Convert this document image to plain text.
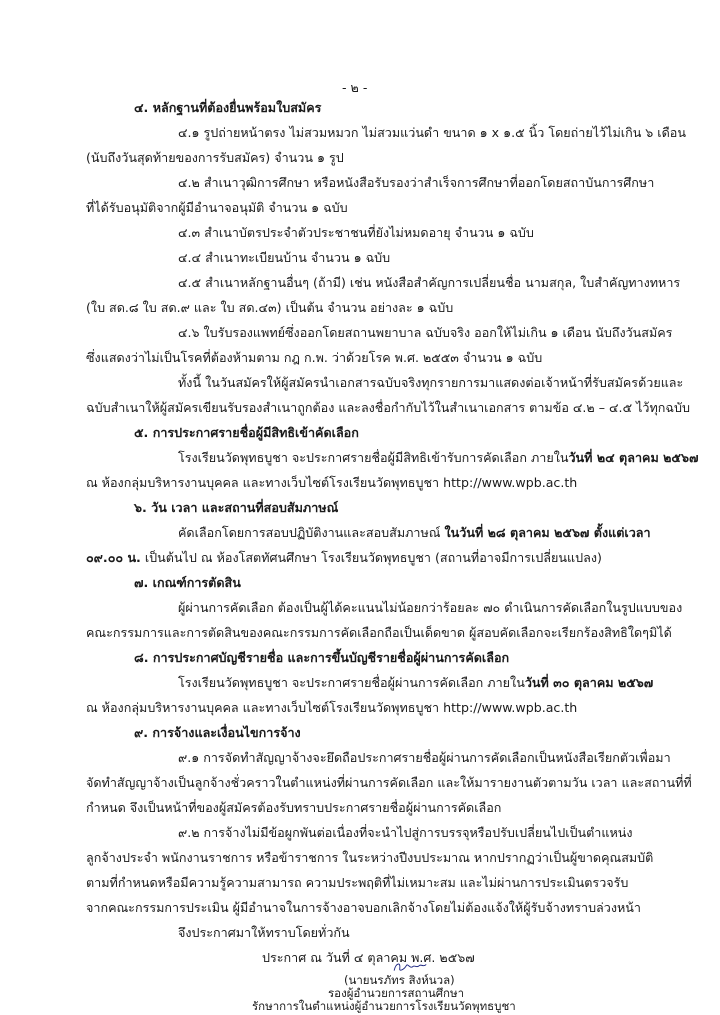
- ๒ -
๔. หลักฐานที่ต้องยื่นพร้อมใบสมัคร
๔.๑ รูปถ่ายหน้าตรง ไม่สวมหมวก ไม่สวมแว่นดำ ขนาด ๑ x ๑.๕ นิ้ว โดยถ่ายไว้ไม่เกิน ๖ เดือน
(นับถึงวันสุดท้ายของการรับสมัคร) จำนวน ๑ รูป
๔.๒ สำเนาวุฒิการศึกษา หรือหนังสือรับรองว่าสำเร็จการศึกษาที่ออกโดยสถาบันการศึกษา
ที่ได้รับอนุมัติจากผู้มีอำนาจอนุมัติ จำนวน ๑ ฉบับ
๔.๓ สำเนาบัตรประจำตัวประชาชนที่ยังไม่หมดอายุ จำนวน ๑ ฉบับ
๔.๔ สำเนาทะเบียนบ้าน จำนวน ๑ ฉบับ
๔.๕ สำเนาหลักฐานอื่นๆ (ถ้ามี) เช่น หนังสือสำคัญการเปลี่ยนชื่อ นามสกุล, ใบสำคัญทางทหาร
(ใบ สด.๘ ใบ สด.๙ และ ใบ สด.๔๓) เป็นต้น จำนวน อย่างละ ๑ ฉบับ
๔.๖ ใบรับรองแพทย์ซึ่งออกโดยสถานพยาบาล ฉบับจริง ออกให้ไม่เกิน ๑ เดือน นับถึงวันสมัคร
ซึ่งแสดงว่าไม่เป็นโรคที่ต้องห้ามตาม กฎ ก.พ. ว่าด้วยโรค พ.ศ. ๒๕๕๓ จำนวน ๑ ฉบับ
ทั้งนี้ ในวันสมัครให้ผู้สมัครนำเอกสารฉบับจริงทุกรายการมาแสดงต่อเจ้าหน้าที่รับสมัครด้วยและ
ฉบับสำเนาให้ผู้สมัครเขียนรับรองสำเนาถูกต้อง และลงชื่อกำกับไว้ในสำเนาเอกสาร ตามข้อ ๔.๒ – ๔.๕ ไว้ทุกฉบับ
๕. การประกาศรายชื่อผู้มีสิทธิเข้าคัดเลือก
โรงเรียนวัดพุทธบูชา จะประกาศรายชื่อผู้มีสิทธิเข้ารับการคัดเลือก ภายในวันที่ ๒๔ ตุลาคม ๒๕๖๗
ณ ห้องกลุ่มบริหารงานบุคคล และทางเว็บไซต์โรงเรียนวัดพุทธบูชา http://www.wpb.ac.th
๖. วัน เวลา และสถานที่สอบสัมภาษณ์
คัดเลือกโดยการสอบปฏิบัติงานและสอบสัมภาษณ์ ในวันที่ ๒๘ ตุลาคม ๒๕๖๗ ตั้งแต่เวลา
๐๙.๐๐ น. เป็นต้นไป ณ ห้องโสตทัศนศึกษา โรงเรียนวัดพุทธบูชา (สถานที่อาจมีการเปลี่ยนแปลง)
๗. เกณฑ์การตัดสิน
ผู้ผ่านการคัดเลือก ต้องเป็นผู้ได้คะแนนไม่น้อยกว่าร้อยละ ๗๐ ดำเนินการคัดเลือกในรูปแบบของ
คณะกรรมการและการตัดสินของคณะกรรมการคัดเลือกถือเป็นเด็ดขาด ผู้สอบคัดเลือกจะเรียกร้องสิทธิใดๆมิได้
๘. การประกาศบัญชีรายชื่อ และการขึ้นบัญชีรายชื่อผู้ผ่านการคัดเลือก
โรงเรียนวัดพุทธบูชา จะประกาศรายชื่อผู้ผ่านการคัดเลือก ภายในวันที่ ๓๐ ตุลาคม ๒๕๖๗
ณ ห้องกลุ่มบริหารงานบุคคล และทางเว็บไซต์โรงเรียนวัดพุทธบูชา http://www.wpb.ac.th
๙. การจ้างและเงื่อนไขการจ้าง
๙.๑ การจัดทำสัญญาจ้างจะยึดถือประกาศรายชื่อผู้ผ่านการคัดเลือกเป็นหนังสือเรียกตัวเพื่อมา
จัดทำสัญญาจ้างเป็นลูกจ้างชั่วคราวในตำแหน่งที่ผ่านการคัดเลือก และให้มารายงานตัวตามวัน เวลา และสถานที่ที่
กำหนด จึงเป็นหน้าที่ของผู้สมัครต้องรับทราบประกาศรายชื่อผู้ผ่านการคัดเลือก
๙.๒ การจ้างไม่มีข้อผูกพันต่อเนื่องที่จะนำไปสู่การบรรจุหรือปรับเปลี่ยนไปเป็นตำแหน่ง
ลูกจ้างประจำ พนักงานราชการ หรือข้าราชการ ในระหว่างปีงบประมาณ หากปรากฏว่าเป็นผู้ขาดคุณสมบัติ
ตามที่กำหนดหรือมีความรู้ความสามารถ ความประพฤติที่ไม่เหมาะสม และไม่ผ่านการประเมินตรวจรับ
จากคณะกรรมการประเมิน ผู้มีอำนาจในการจ้างอาจบอกเลิกจ้างโดยไม่ต้องแจ้งให้ผู้รับจ้างทราบล่วงหน้า
จึงประกาศมาให้ทราบโดยทั่วกัน
ประกาศ ณ วันที่ ๔ ตุลาคม พ.ศ. ๒๕๖๗
(นายนรภัทร สิงห์นวล)
รองผู้อำนวยการสถานศึกษา
รักษาการในตำแหน่งผู้อำนวยการโรงเรียนวัดพุทธบูชา
